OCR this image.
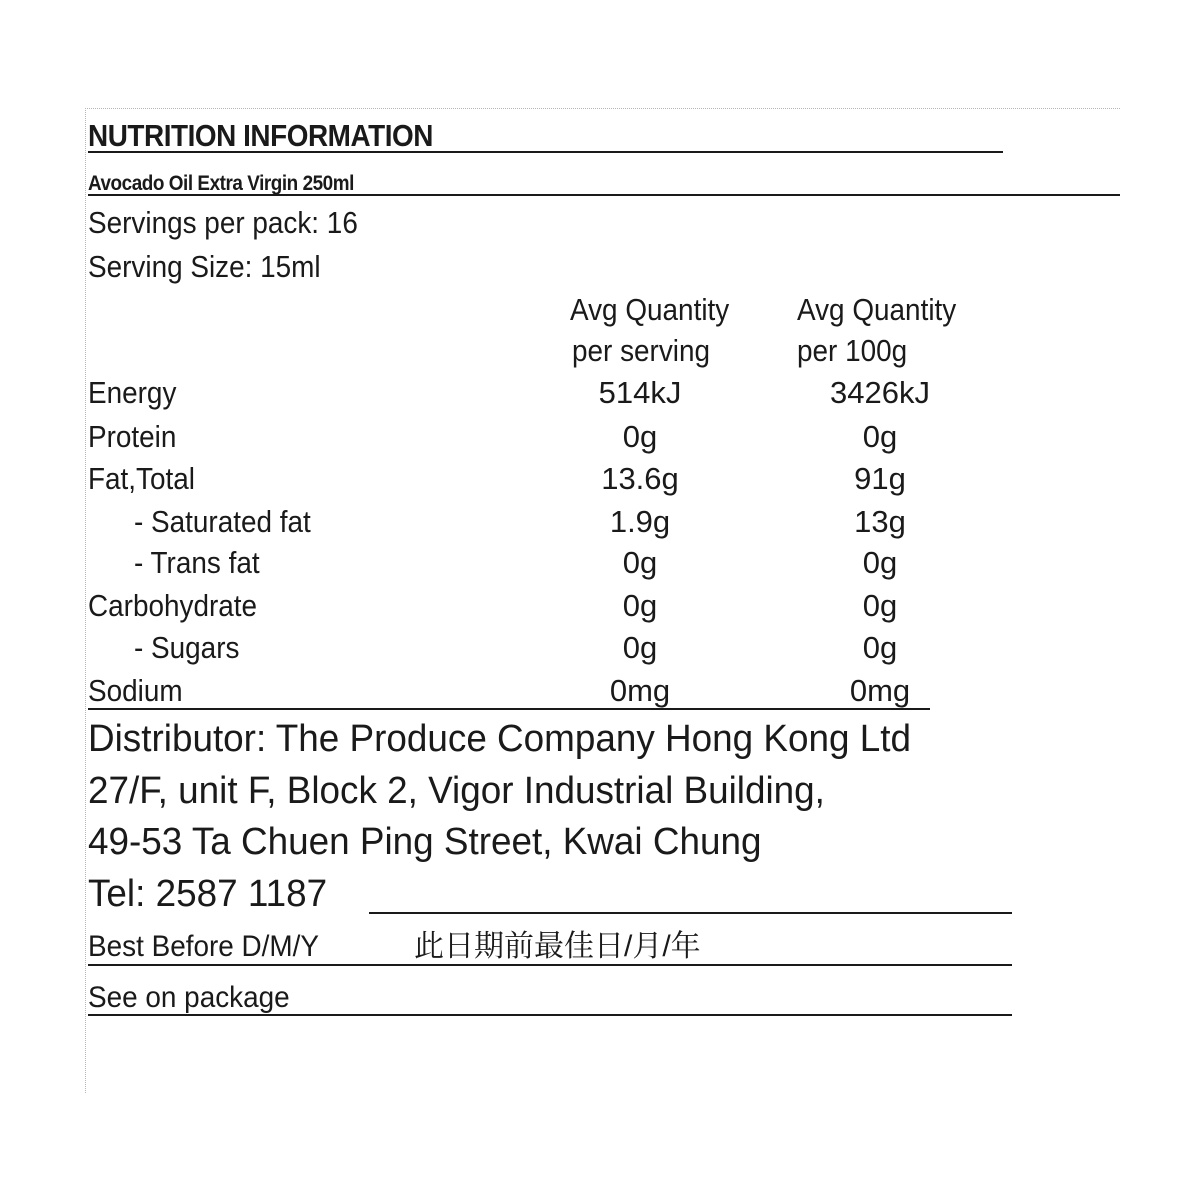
NUTRITION INFORMATION
Avocado Oil Extra Virgin 250ml
Servings per pack: 16
Serving Size: 15ml
Avg Quantity
per serving
Avg Quantity
per 100g
Energy	514kJ	3426kJ
Protein	0g	0g
Fat,Total	13.6g	91g
- Saturated fat	1.9g	13g
- Trans fat	0g	0g
Carbohydrate	0g	0g
- Sugars	0g	0g
Sodium	0mg	0mg
Distributor: The Produce Company Hong Kong Ltd
27/F, unit F, Block 2, Vigor Industrial Building,
49-53 Ta Chuen Ping Street, Kwai Chung
Tel: 2587 1187
Best Before D/M/Y	此日期前最佳日/月/年
See on package
